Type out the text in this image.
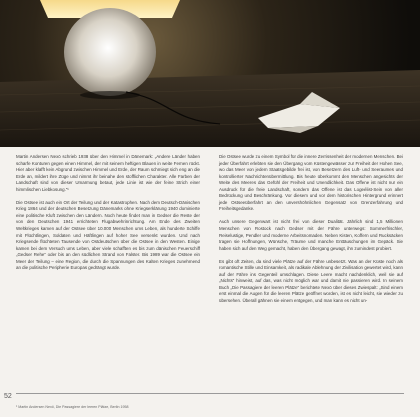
Martin Andersen Nexö schrieb 1938 über den Himmel in Dänemark: „Andere Länder haben scharfe Konturen gegen einen Himmel, der mit seinem heftigen Blauen in weite Fernen rückt. Hier aber klafft kein Abgrund zwischen Himmel und Erde, der Raum schmiegt sich eng an die Erde an, mildert ihre Züge und nimmt ihr beinahe den stofflichen Charakter. Alle Farben der Landschaft sind von dieser Umarmung betaut, jede Linie ist wie der feine Strich einer himmlischen Liebkosung.“¹

Die Ostsee ist auch ein Ort der Teilung und der Katastrophen. Nach dem Deutsch-Dänischen Krieg 1864 und der deutschen Besetzung Dänemarks ohne Kriegserklärung 1940 dominierte eine politische Kluft zwischen den Ländern. Noch heute findet man in Gedser die Reste der von den Deutschen 1941 errichteten Flugabwehrinrichtung. Am Ende des Zweiten Weltkrieges kamen auf der Ostsee über 10.000 Menschen ums Leben, als hunderte Schiffe mit Flüchtlingen, Soldaten und Häftlingen auf hoher See versenkt wurden. Und nach Kriegsende flüchteten Tausende von Ostdeutschen über die Ostsee in den Westen. Einige kamen bei dem Versuch ums Leben, aber viele schafften es bis zum dänischen Feuerschiff „Gedser Rehe“ oder bis an den südlichen Strand von Falster. Bis 1989 war die Ostsee ein Meer der Teilung – eine Region, die durch die Spannungen des Kalten Krieges zunehmend an die politische Peripherie Europas gedrängt wurde.

Die Ostsee wurde zu einem Symbol für die innere Zerrissenheit der modernen Menschen. Bei jeder Überfahrt erlebten sie den Übergang vom Küstengewässer zur Freiheit der Hohen See, wo das Meer von jedem Staatsgebilde frei ist, von Besetzern des Luft- und Seeraumes und kontrollierter Nachrichtenübermittlung. Bis heute überkommt den Menschen angesichts der Weite des Meeres das Gefühl der Freiheit und Unendlichkeit. Das Offene ist nicht nur ein Ausdruck für die freie Landschaft, sondern das Offene ist das Logeélist-Sein von aller Bedrückung und Beschränkung. Vor diesem und vor dem historischen Hintergrund erinnert jede Ostseeüberfahrt an den unvershöhnlichen Gegensatz von Grenzerfahrung und Freiheitsgedanke.

Auch unsere Gegenwart ist nicht frei von dieser Dualität. Jährlich sind 1,5 Millionen Menschen von Rostock nach Gedser mit der Fähre unterwegs: Sommerfrischler, Reiselustige, Pendler und moderne Arbeitsnomaden. Neben Kisten, Koffern und Rucksäcken tragen sie Hoffnungen, Wünsche, Träume und manche Enttäuschungen im Gepäck. Sie haben sich auf den Weg gemacht, haben den Übergang gewagt, ihn zumindest probiert.

Es gibt oft Zeiten, da sind viele Plätze auf der Fähre unbesetzt. Was an der Küste noch als romantische Stille und Einsamkeit, als radikale Ablehnung der Zivilisation gewertet wird, kann auf der Fähre ins Gegenteil umschlagen. Diese Leere macht nachdenklich, weil sie auf „Nichts“ hinweist, auf das, was nicht möglich war und damit nie passieren wird. In seinem Buch „Die Passagiere der leeren Plätze“ berichtete Nexö über dieses Zwiespalt: „Sind einem erst einmal die Augen für die leeren Plätze geöffnet worden, ist es nicht leicht, sie wieder zu übersehen. Überall gähnen sie einem entgegen, und man kann es nicht un-

52
¹ Martin Andersen Nexö, Die Passagiere der leeren Plätze, Berlin 1958
